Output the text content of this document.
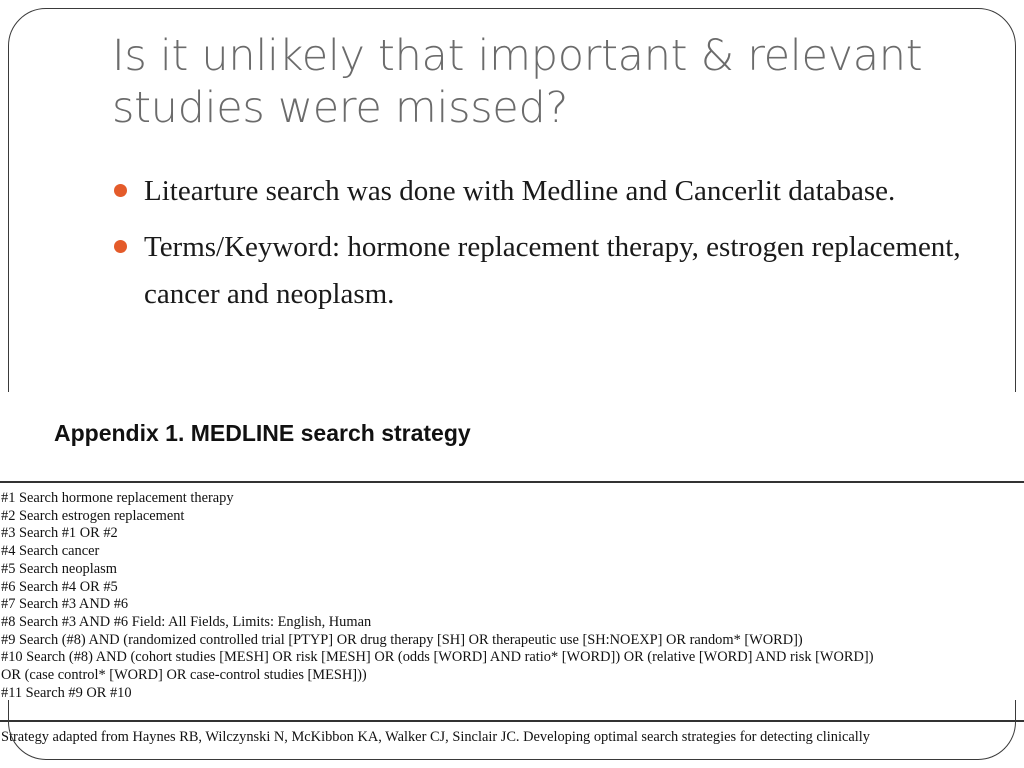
Is it unlikely that important & relevant studies were missed?
Litearture search was done with Medline and Cancerlit database.
Terms/Keyword: hormone replacement therapy, estrogen replacement, cancer and neoplasm.
Appendix 1. MEDLINE search strategy
#1 Search hormone replacement therapy
#2 Search estrogen replacement
#3 Search #1 OR #2
#4 Search cancer
#5 Search neoplasm
#6 Search #4 OR #5
#7 Search #3 AND #6
#8 Search #3 AND #6 Field: All Fields, Limits: English, Human
#9 Search (#8) AND (randomized controlled trial [PTYP] OR drug therapy [SH] OR therapeutic use [SH:NOEXP] OR random* [WORD])
#10 Search (#8) AND (cohort studies [MESH] OR risk [MESH] OR (odds [WORD] AND ratio* [WORD]) OR (relative [WORD] AND risk [WORD])
OR (case control* [WORD] OR case-control studies [MESH]))
#11 Search #9 OR #10
Strategy adapted from Haynes RB, Wilczynski N, McKibbon KA, Walker CJ, Sinclair JC. Developing optimal search strategies for detecting clinically
